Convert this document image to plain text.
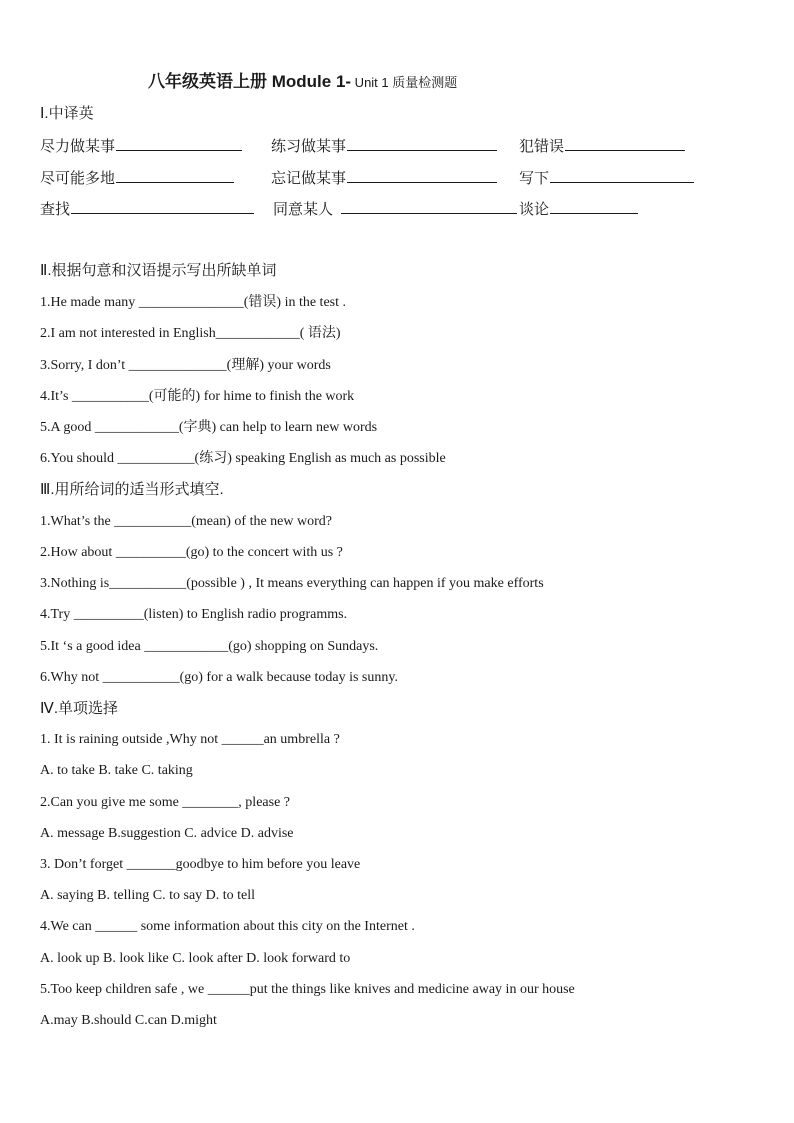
八年级英语上册 Module 1- Unit 1 质量检测题
Ⅰ.中译英
尽力做某事	练习做某事	犯错误
尽可能多地	忘记做某事	写下
查找	同意某人	谈论
Ⅱ.根据句意和汉语提示写出所缺单词
1.He made many _______________(错误) in the test .
2.I am not interested in English____________( 语法)
3.Sorry, I don’t ______________(理解) your words
4.It’s ___________(可能的) for hime to finish the work
5.A good ____________(字典) can help to learn new words
6.You should ___________(练习) speaking English as much as possible
Ⅲ.用所给词的适当形式填空.
1.What’s the ___________(mean) of the new word?
2.How about __________(go) to the concert with us ?
3.Nothing is___________(possible ) , It means everything can happen if you make efforts
4.Try __________(listen) to English radio programms.
5.It ‘s a good idea ____________(go) shopping on Sundays.
6.Why not ___________(go) for a walk because today is sunny.
Ⅳ.单项选择
1. It is raining outside ,Why not ______an umbrella ?
A. to take B. take C. taking
2.Can you give me some ________, please ?
A. message B.suggestion C. advice D. advise
3. Don’t forget _______goodbye to him before you leave
A. saying B. telling C. to say D. to tell
4.We can ______ some information about this city on the Internet .
A. look up B. look like C. look after D. look forward to
5.Too keep children safe , we ______put the things like knives and medicine away in our house
A.may B.should C.can D.might
